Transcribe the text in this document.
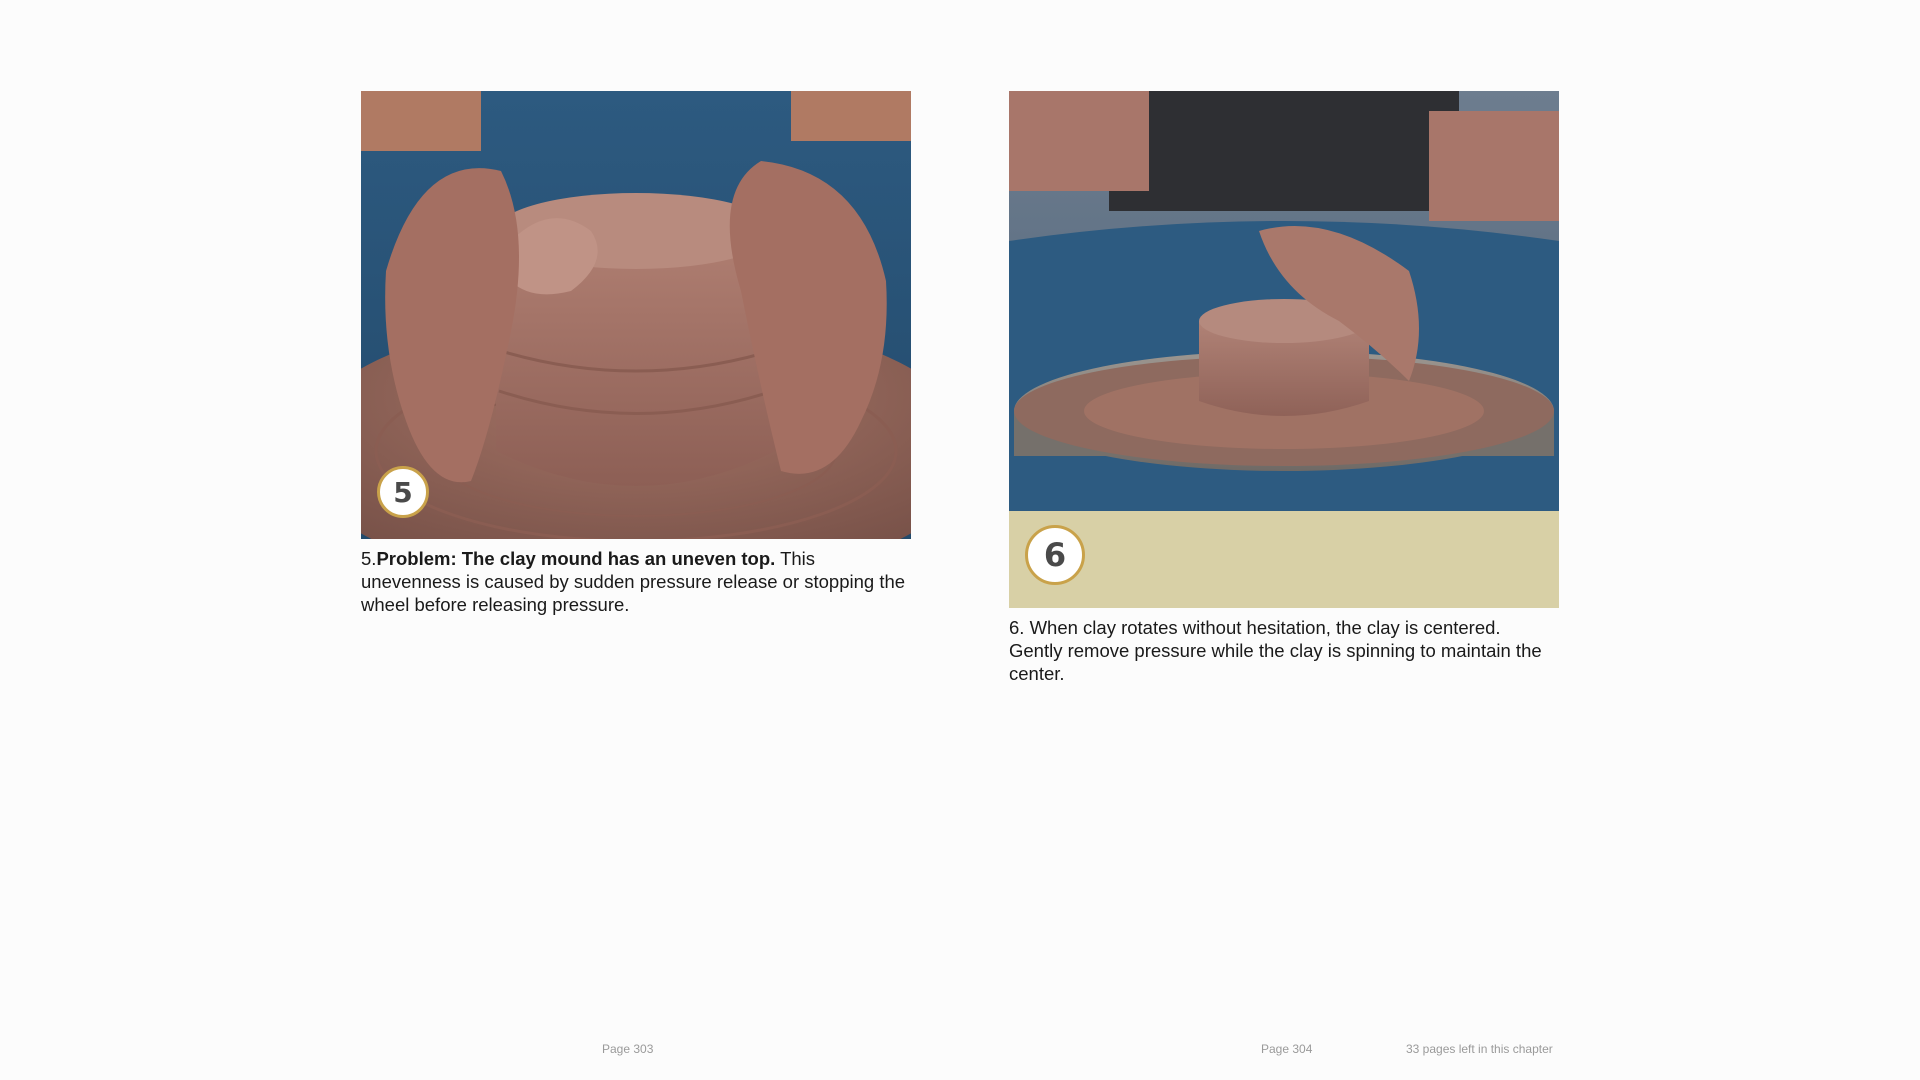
5
5.Problem: The clay mound has an uneven top. This unevenness is caused by sudden pressure release or stopping the wheel before releasing pressure.
6
6. When clay rotates without hesitation, the clay is centered. Gently remove pressure while the clay is spinning to maintain the center.
Page 303	Page 304	33 pages left in this chapter
